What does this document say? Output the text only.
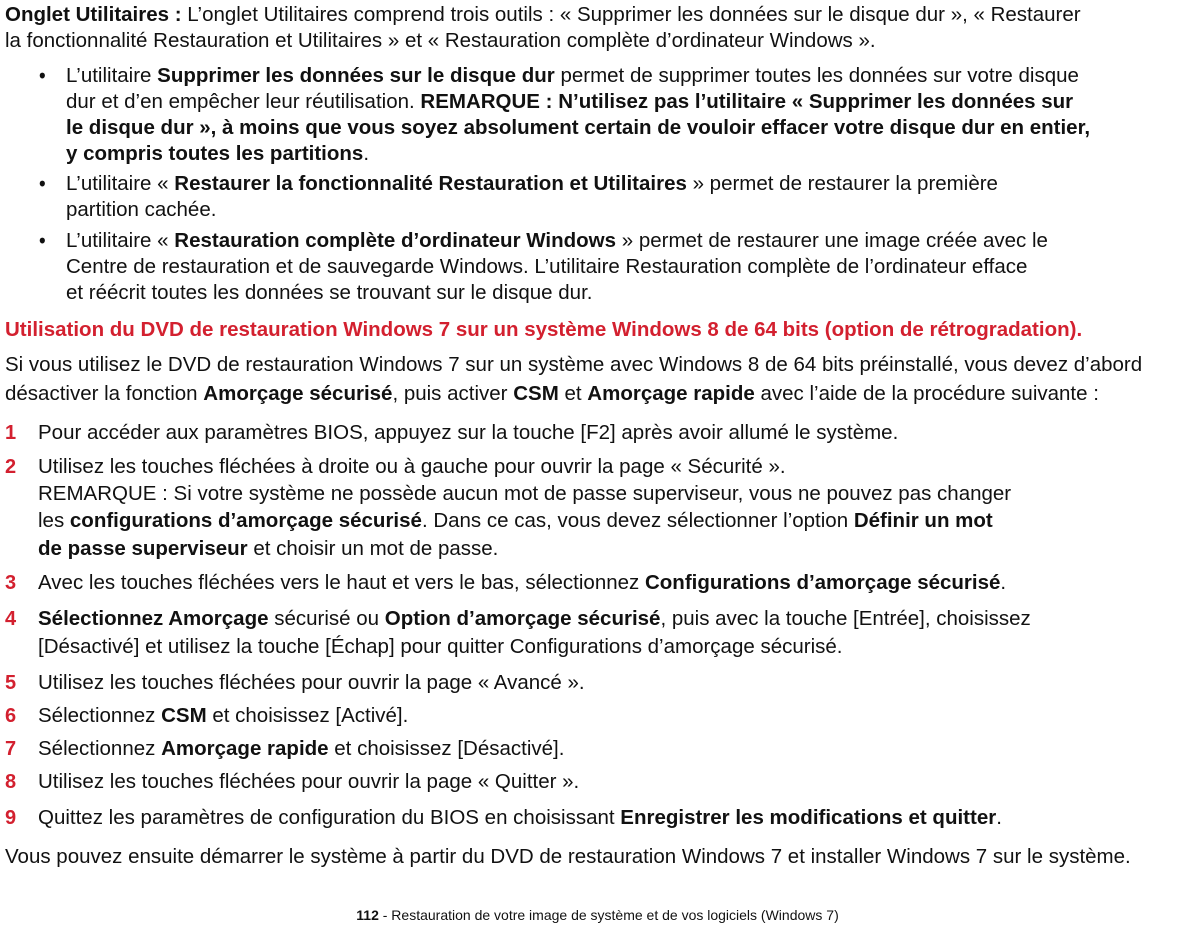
Onglet Utilitaires : L’onglet Utilitaires comprend trois outils : « Supprimer les données sur le disque dur », « Restaurer
la fonctionnalité Restauration et Utilitaires » et « Restauration complète d’ordinateur Windows ».
• L’utilitaire Supprimer les données sur le disque dur permet de supprimer toutes les données sur votre disque
dur et d’en empêcher leur réutilisation. REMARQUE : N’utilisez pas l’utilitaire « Supprimer les données sur
le disque dur », à moins que vous soyez absolument certain de vouloir effacer votre disque dur en entier,
y compris toutes les partitions.
• L’utilitaire « Restaurer la fonctionnalité Restauration et Utilitaires » permet de restaurer la première
partition cachée.
• L’utilitaire « Restauration complète d’ordinateur Windows » permet de restaurer une image créée avec le
Centre de restauration et de sauvegarde Windows. L’utilitaire Restauration complète de l’ordinateur efface
et réécrit toutes les données se trouvant sur le disque dur.
Utilisation du DVD de restauration Windows 7 sur un système Windows 8 de 64 bits (option de rétrogradation).
Si vous utilisez le DVD de restauration Windows 7 sur un système avec Windows 8 de 64 bits préinstallé, vous devez d’abord
désactiver la fonction Amorçage sécurisé, puis activer CSM et Amorçage rapide avec l’aide de la procédure suivante :
1 Pour accéder aux paramètres BIOS, appuyez sur la touche [F2] après avoir allumé le système.
2 Utilisez les touches fléchées à droite ou à gauche pour ouvrir la page « Sécurité ».
REMARQUE : Si votre système ne possède aucun mot de passe superviseur, vous ne pouvez pas changer
les configurations d’amorçage sécurisé. Dans ce cas, vous devez sélectionner l’option Définir un mot
de passe superviseur et choisir un mot de passe.
3 Avec les touches fléchées vers le haut et vers le bas, sélectionnez Configurations d’amorçage sécurisé.
4 Sélectionnez Amorçage sécurisé ou Option d’amorçage sécurisé, puis avec la touche [Entrée], choisissez
[Désactivé] et utilisez la touche [Échap] pour quitter Configurations d’amorçage sécurisé.
5 Utilisez les touches fléchées pour ouvrir la page « Avancé ».
6 Sélectionnez CSM et choisissez [Activé].
7 Sélectionnez Amorçage rapide et choisissez [Désactivé].
8 Utilisez les touches fléchées pour ouvrir la page « Quitter ».
9 Quittez les paramètres de configuration du BIOS en choisissant Enregistrer les modifications et quitter.
Vous pouvez ensuite démarrer le système à partir du DVD de restauration Windows 7 et installer Windows 7 sur le système.
112 - Restauration de votre image de système et de vos logiciels (Windows 7)
